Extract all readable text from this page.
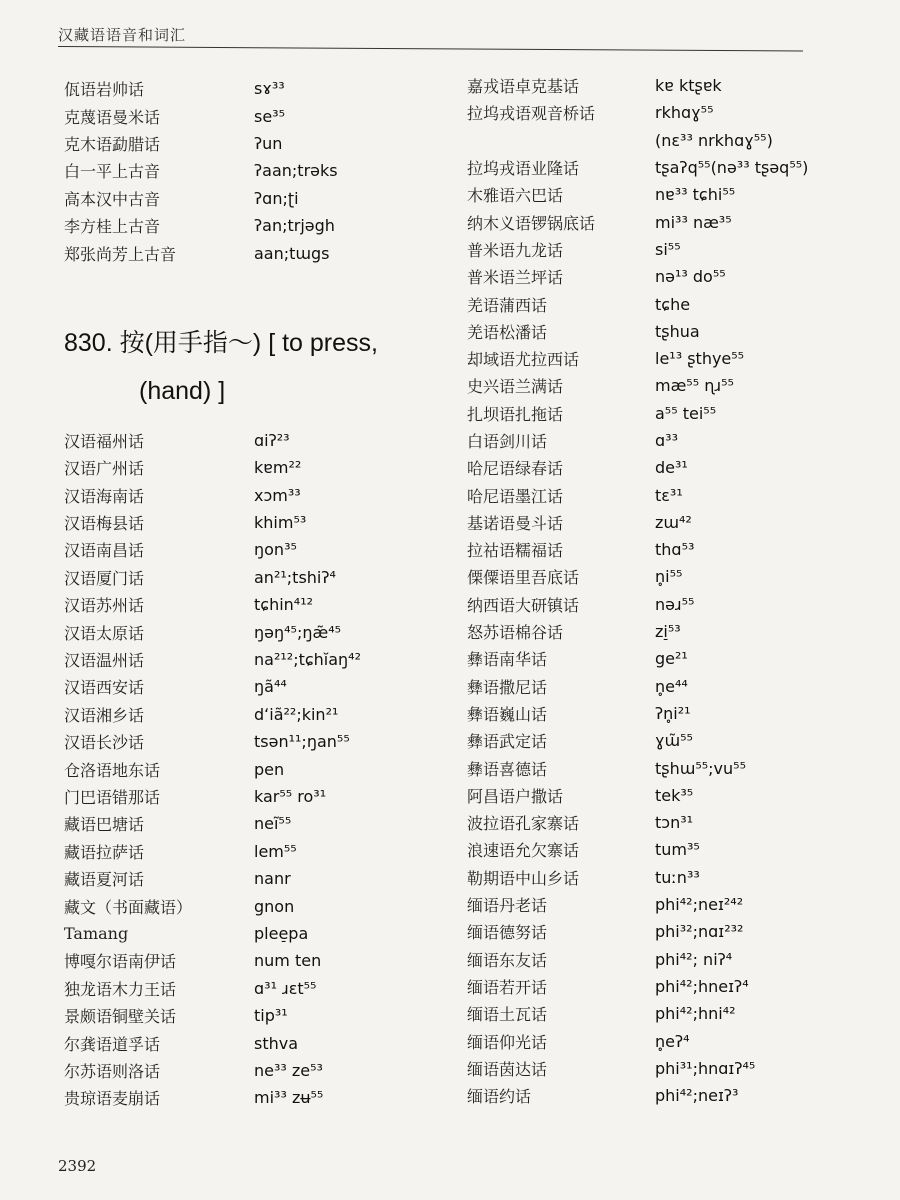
汉藏语语音和词汇
佤语岩帅话	sɤ³³
克蔑语曼米话	se³⁵
克木语勐腊话	ʔun
白一平上古音	ʔaan;trəks
高本汉中古音	ʔɑn;ʈi
李方桂上古音	ʔan;trjəgh
郑张尚芳上古音	aan;tɯgs
830. 按(用手指～) [ to press,
(hand) ]
汉语福州话	ɑiʔ²³
汉语广州话	kɐm²²
汉语海南话	xɔm³³
汉语梅县话	khim⁵³
汉语南昌话	ŋon³⁵
汉语厦门话	an²¹;tshiʔ⁴
汉语苏州话	tɕhin⁴¹²
汉语太原话	ŋəŋ⁴⁵;ŋæ̃⁴⁵
汉语温州话	na²¹²;tɕhĭaŋ⁴²
汉语西安话	ŋã⁴⁴
汉语湘乡话	dʻiã²²;kin²¹
汉语长沙话	tsən¹¹;ŋan⁵⁵
仓洛语地东话	pen
门巴语错那话	kar⁵⁵ ro³¹
藏语巴塘话	neĩ⁵⁵
藏语拉萨话	lem⁵⁵
藏语夏河话	nanr
藏文（书面藏语）	gnon
Tamang	plee̠pa
博嘎尔语南伊话	num ten
独龙语木力王话	ɑ³¹ ɹɛt⁵⁵
景颇语铜壁关话	tip³¹
尔龚语道孚话	sthva
尔苏语则洛话	ne³³ ze⁵³
贵琼语麦崩话	mi³³ zʉ⁵⁵
嘉戎语卓克基话	kɐ ktʂɐk
拉坞戎语观音桥话	rkhɑɣ⁵⁵
(nɛ³³ nrkhɑɣ⁵⁵)
拉坞戎语业隆话	tʂaʔq⁵⁵(nə³³ tʂəq⁵⁵)
木雅语六巴话	nɐ³³ tɕhi⁵⁵
纳木义语锣锅底话	mi³³ næ³⁵
普米语九龙话	si⁵⁵
普米语兰坪话	nə¹³ do⁵⁵
羌语蒲西话	tɕhe
羌语松潘话	tʂhua
却域语尤拉西话	le¹³ ʂthye⁵⁵
史兴语兰满话	mæ⁵⁵ ɳɹ⁵⁵
扎坝语扎拖话	a⁵⁵ tei⁵⁵
白语剑川话	ɑ³³
哈尼语绿春话	de³¹
哈尼语墨江话	tɛ³¹
基诺语曼斗话	zɯ⁴²
拉祜语糯福话	thɑ⁵³
傈僳语里吾底话	n̥i⁵⁵
纳西语大研镇话	nəɹ⁵⁵
怒苏语棉谷话	zi̠⁵³
彝语南华话	ge²¹
彝语撒尼话	n̥e⁴⁴
彝语巍山话	ʔn̥i²¹
彝语武定话	ɣɯ̃⁵⁵
彝语喜德话	tʂhɯ⁵⁵;vu⁵⁵
阿昌语户撒话	tek³⁵
波拉语孔家寨话	tɔn³¹
浪速语允欠寨话	tum³⁵
勒期语中山乡话	tuːn³³
缅语丹老话	phi⁴²;neɪ²⁴²
缅语德努话	phi³²;nɑɪ²³²
缅语东友话	phi⁴²; niʔ⁴
缅语若开话	phi⁴²;hneɪʔ⁴
缅语土瓦话	phi⁴²;hni⁴²
缅语仰光话	n̥eʔ⁴
缅语茵达话	phi³¹;hnɑɪʔ⁴⁵
缅语约话	phi⁴²;neɪʔ³
2392
